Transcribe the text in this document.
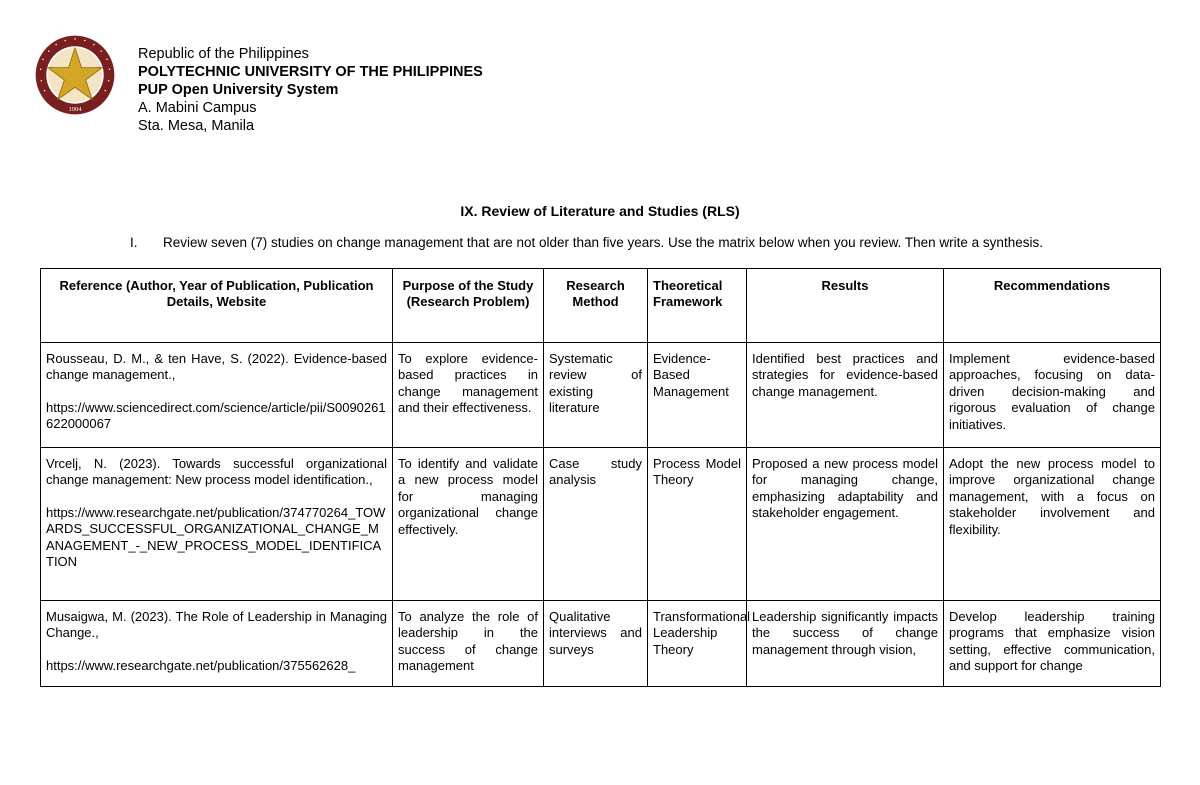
1904
Republic of the Philippines
POLYTECHNIC UNIVERSITY OF THE PHILIPPINES
PUP Open University System
A. Mabini Campus
Sta. Mesa, Manila
IX. Review of Literature and Studies (RLS)
I. Review seven (7) studies on change management that are not older than five years. Use the matrix below when you review. Then write a synthesis.
Reference (Author, Year of Publication, Publication Details, Website	Purpose of the Study (Research Problem)	Research Method	Theoretical Framework	Results	Recommendations

Rousseau, D. M., & ten Have, S. (2022). Evidence-based change management.,

https://www.sciencedirect.com/science/article/pii/S0090261622000067	To explore evidence-based practices in change management and their effectiveness.	Systematic review of existing literature	Evidence-Based Management	Identified best practices and strategies for evidence-based change management.	Implement evidence-based approaches, focusing on data-driven decision-making and rigorous evaluation of change initiatives.

Vrcelj, N. (2023). Towards successful organizational change management: New process model identification.,

https://www.researchgate.net/publication/374770264_TOWARDS_SUCCESSFUL_ORGANIZATIONAL_CHANGE_MANAGEMENT_-_NEW_PROCESS_MODEL_IDENTIFICATION	To identify and validate a new process model for managing organizational change effectively.	Case study analysis	Process Model Theory	Proposed a new process model for managing change, emphasizing adaptability and stakeholder engagement.	Adopt the new process model to improve organizational change management, with a focus on stakeholder involvement and flexibility.

Musaigwa, M. (2023). The Role of Leadership in Managing Change.,

https://www.researchgate.net/publication/375562628_	To analyze the role of leadership in the success of change management	Qualitative interviews and surveys	Transformational Leadership Theory	Leadership significantly impacts the success of change management through vision,	Develop leadership training programs that emphasize vision setting, effective communication, and support for change
